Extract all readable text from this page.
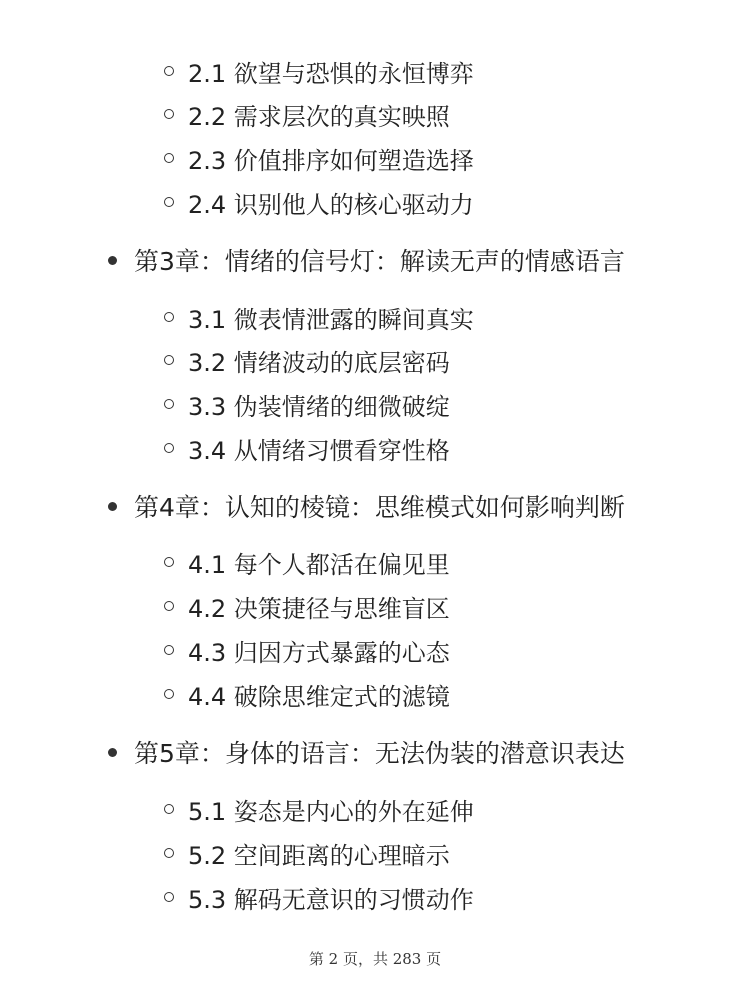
2.1 欲望与恐惧的永恒博弈
2.2 需求层次的真实映照
2.3 价值排序如何塑造选择
2.4 识别他人的核心驱动力
第3章：情绪的信号灯：解读无声的情感语言
3.1 微表情泄露的瞬间真实
3.2 情绪波动的底层密码
3.3 伪装情绪的细微破绽
3.4 从情绪习惯看穿性格
第4章：认知的棱镜：思维模式如何影响判断
4.1 每个人都活在偏见里
4.2 决策捷径与思维盲区
4.3 归因方式暴露的心态
4.4 破除思维定式的滤镜
第5章：身体的语言：无法伪装的潜意识表达
5.1 姿态是内心的外在延伸
5.2 空间距离的心理暗示
5.3 解码无意识的习惯动作
第 2 页，共 283 页
